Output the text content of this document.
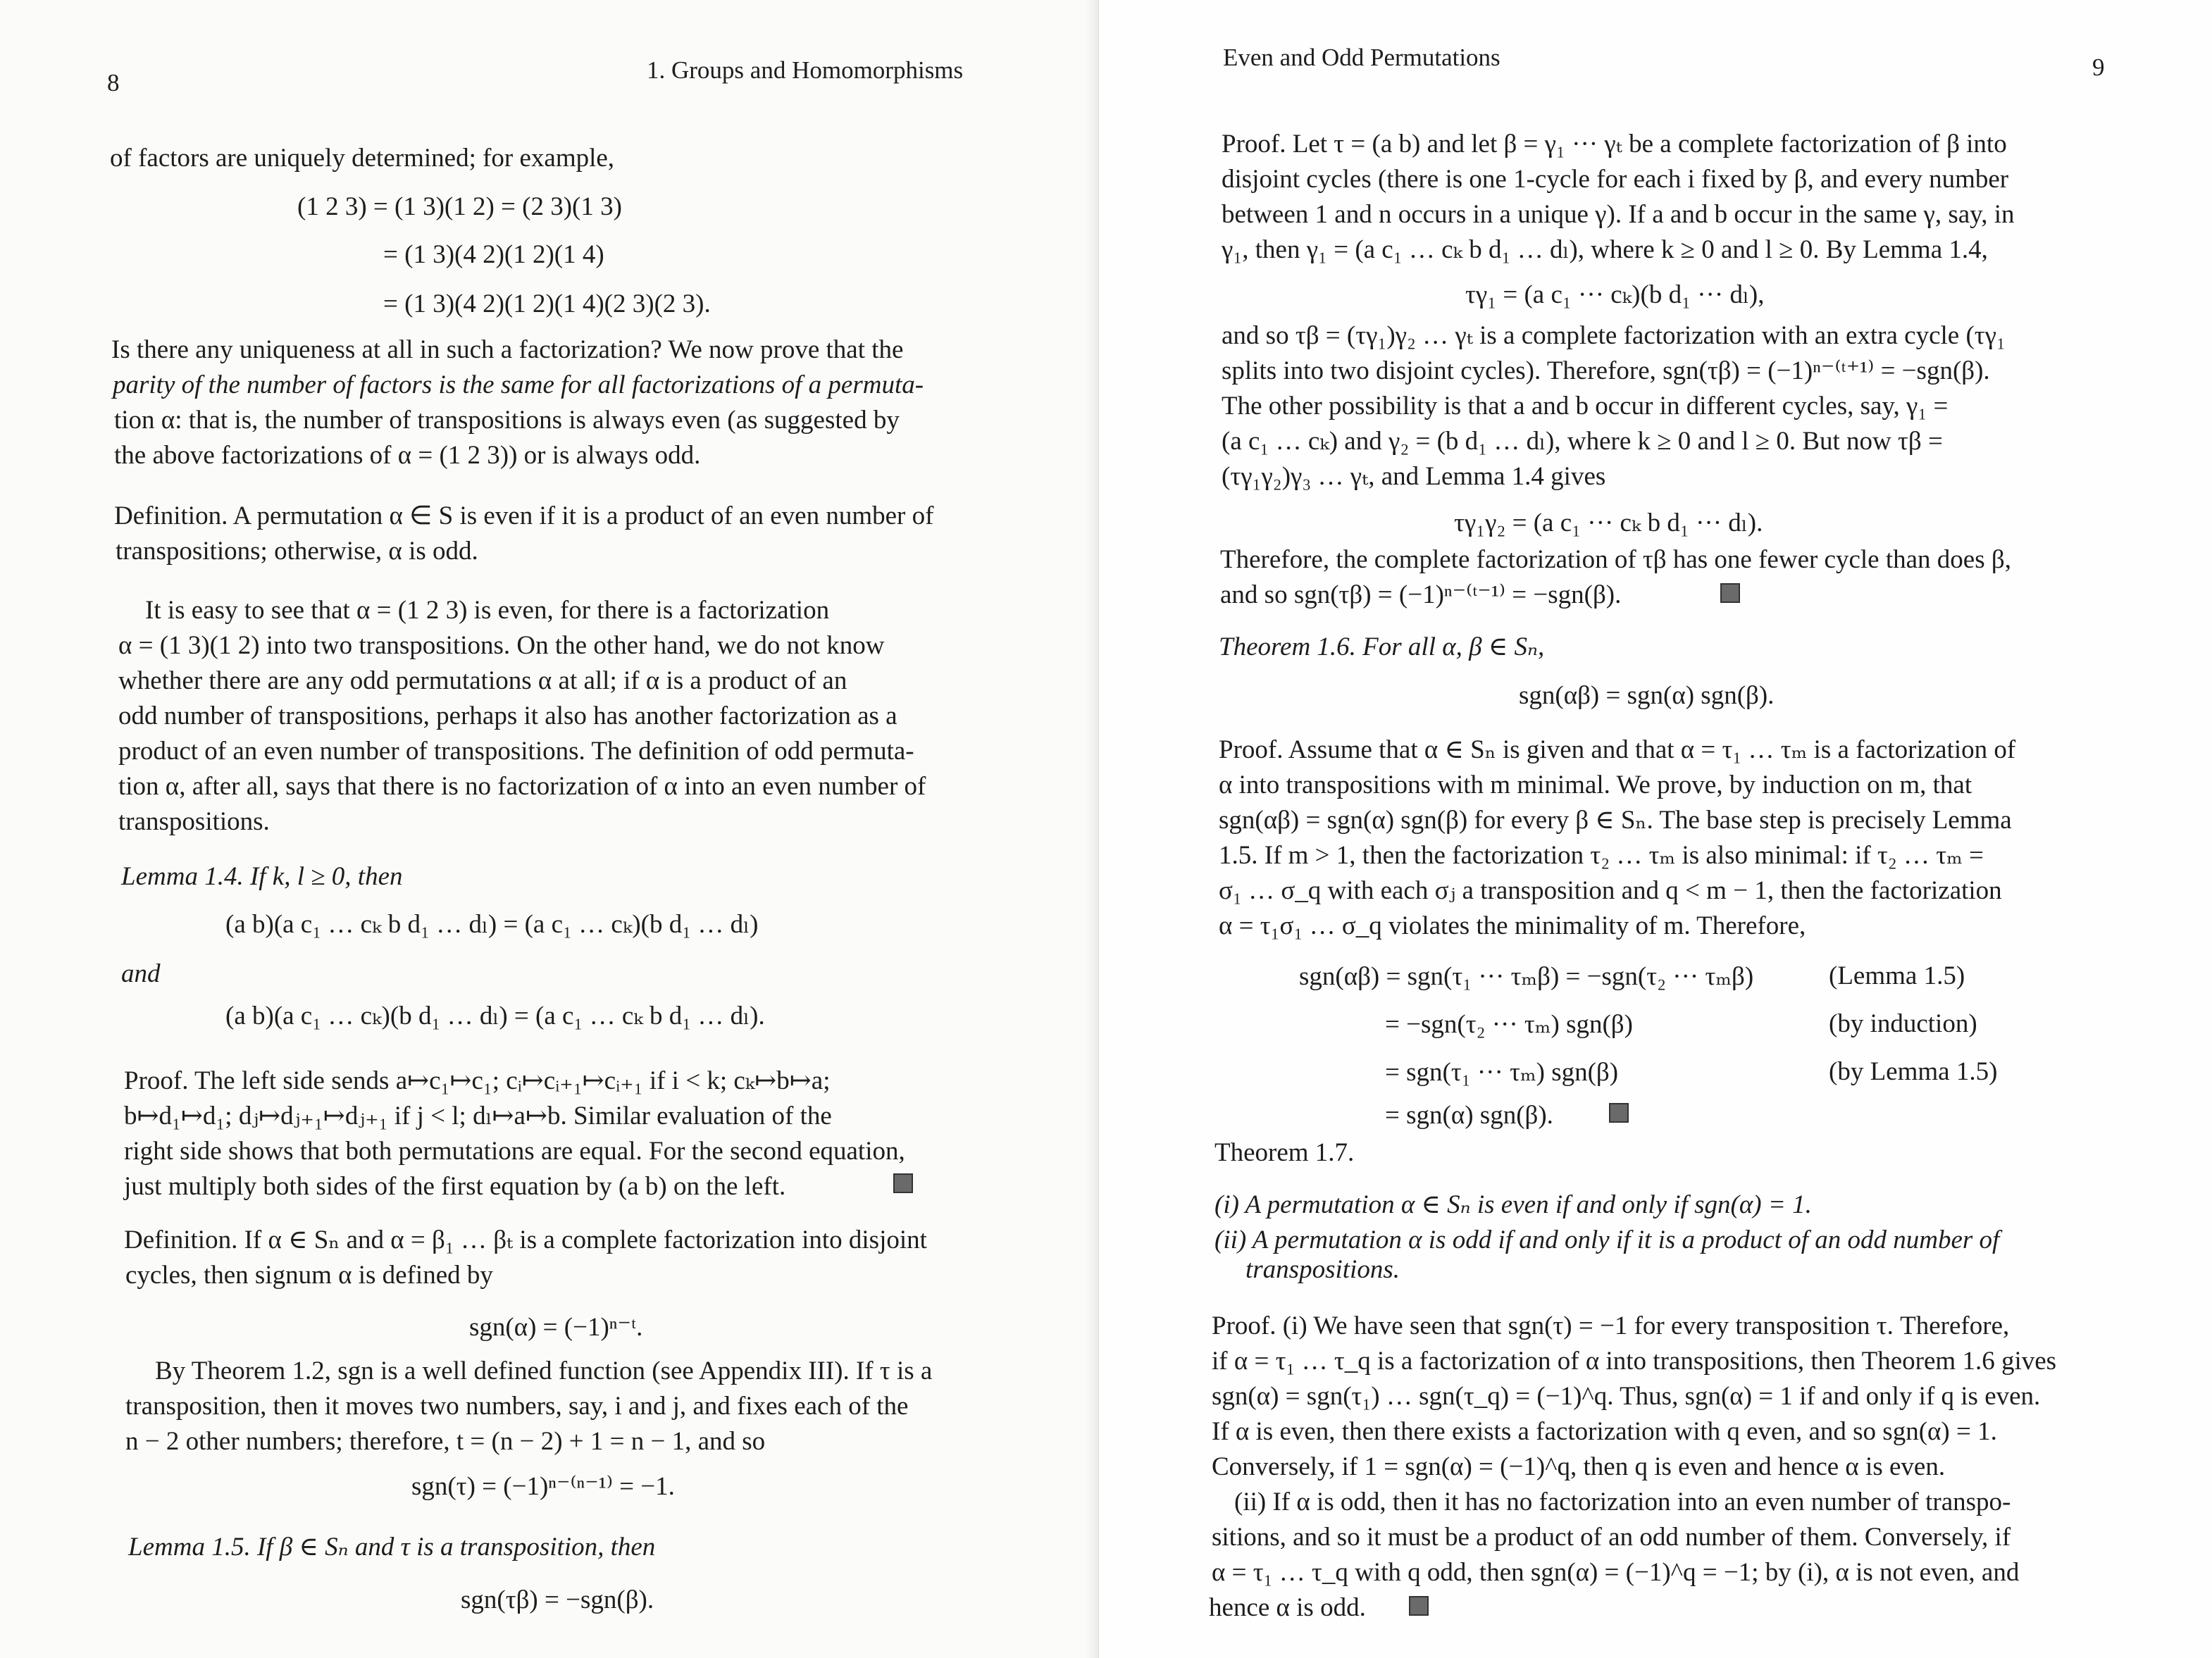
8	1. Groups and Homomorphisms
of factors are uniquely determined; for example,
(1 2 3) = (1 3)(1 2) = (2 3)(1 3)
= (1 3)(4 2)(1 2)(1 4)
= (1 3)(4 2)(1 2)(1 4)(2 3)(2 3).
Is there any uniqueness at all in such a factorization? We now prove that the
parity of the number of factors is the same for all factorizations of a permuta-
tion α: that is, the number of transpositions is always even (as suggested by
the above factorizations of α = (1 2 3)) or is always odd.
Definition. A permutation α ∈ S is even if it is a product of an even number of
transpositions; otherwise, α is odd.
It is easy to see that α = (1 2 3) is even, for there is a factorization
α = (1 3)(1 2) into two transpositions. On the other hand, we do not know
whether there are any odd permutations α at all; if α is a product of an
odd number of transpositions, perhaps it also has another factorization as a
product of an even number of transpositions. The definition of odd permuta-
tion α, after all, says that there is no factorization of α into an even number of
transpositions.
Lemma 1.4. If k, l ≥ 0, then
(a b)(a c₁ … cₖ b d₁ … dₗ) = (a c₁ … cₖ)(b d₁ … dₗ)
and
(a b)(a c₁ … cₖ)(b d₁ … dₗ) = (a c₁ … cₖ b d₁ … dₗ).
Proof. The left side sends a↦c₁↦c₁; cᵢ↦cᵢ₊₁↦cᵢ₊₁ if i < k; cₖ↦b↦a;
b↦d₁↦d₁; dⱼ↦dⱼ₊₁↦dⱼ₊₁ if j < l; dₗ↦a↦b. Similar evaluation of the
right side shows that both permutations are equal. For the second equation,
just multiply both sides of the first equation by (a b) on the left.
Definition. If α ∈ Sₙ and α = β₁ … βₜ is a complete factorization into disjoint
cycles, then signum α is defined by
sgn(α) = (−1)ⁿ⁻ᵗ.
By Theorem 1.2, sgn is a well defined function (see Appendix III). If τ is a
transposition, then it moves two numbers, say, i and j, and fixes each of the
n − 2 other numbers; therefore, t = (n − 2) + 1 = n − 1, and so
sgn(τ) = (−1)ⁿ⁻⁽ⁿ⁻¹⁾ = −1.
Lemma 1.5. If β ∈ Sₙ and τ is a transposition, then
sgn(τβ) = −sgn(β).
Even and Odd Permutations	9
Proof. Let τ = (a b) and let β = γ₁ ··· γₜ be a complete factorization of β into
disjoint cycles (there is one 1-cycle for each i fixed by β, and every number
between 1 and n occurs in a unique γ). If a and b occur in the same γ, say, in
γ₁, then γ₁ = (a c₁ … cₖ b d₁ … dₗ), where k ≥ 0 and l ≥ 0. By Lemma 1.4,
τγ₁ = (a c₁ ··· cₖ)(b d₁ ··· dₗ),
and so τβ = (τγ₁)γ₂ … γₜ is a complete factorization with an extra cycle (τγ₁
splits into two disjoint cycles). Therefore, sgn(τβ) = (−1)ⁿ⁻⁽ᵗ⁺¹⁾ = −sgn(β).
The other possibility is that a and b occur in different cycles, say, γ₁ =
(a c₁ … cₖ) and γ₂ = (b d₁ … dₗ), where k ≥ 0 and l ≥ 0. But now τβ =
(τγ₁γ₂)γ₃ … γₜ, and Lemma 1.4 gives
τγ₁γ₂ = (a c₁ ··· cₖ b d₁ ··· dₗ).
Therefore, the complete factorization of τβ has one fewer cycle than does β,
and so sgn(τβ) = (−1)ⁿ⁻⁽ᵗ⁻¹⁾ = −sgn(β).
Theorem 1.6. For all α, β ∈ Sₙ,
sgn(αβ) = sgn(α) sgn(β).
Proof. Assume that α ∈ Sₙ is given and that α = τ₁ … τₘ is a factorization of
α into transpositions with m minimal. We prove, by induction on m, that
sgn(αβ) = sgn(α) sgn(β) for every β ∈ Sₙ. The base step is precisely Lemma
1.5. If m > 1, then the factorization τ₂ … τₘ is also minimal: if τ₂ … τₘ =
σ₁ … σ_q with each σⱼ a transposition and q < m − 1, then the factorization
α = τ₁σ₁ … σ_q violates the minimality of m. Therefore,
sgn(αβ) = sgn(τ₁ ··· τₘβ) = −sgn(τ₂ ··· τₘβ)	(Lemma 1.5)
= −sgn(τ₂ ··· τₘ) sgn(β)	(by induction)
= sgn(τ₁ ··· τₘ) sgn(β)	(by Lemma 1.5)
= sgn(α) sgn(β).
Theorem 1.7.
(i) A permutation α ∈ Sₙ is even if and only if sgn(α) = 1.
(ii) A permutation α is odd if and only if it is a product of an odd number of
transpositions.
Proof. (i) We have seen that sgn(τ) = −1 for every transposition τ. Therefore,
if α = τ₁ … τ_q is a factorization of α into transpositions, then Theorem 1.6 gives
sgn(α) = sgn(τ₁) … sgn(τ_q) = (−1)^q. Thus, sgn(α) = 1 if and only if q is even.
If α is even, then there exists a factorization with q even, and so sgn(α) = 1.
Conversely, if 1 = sgn(α) = (−1)^q, then q is even and hence α is even.
(ii) If α is odd, then it has no factorization into an even number of transpo-
sitions, and so it must be a product of an odd number of them. Conversely, if
α = τ₁ … τ_q with q odd, then sgn(α) = (−1)^q = −1; by (i), α is not even, and
hence α is odd.
